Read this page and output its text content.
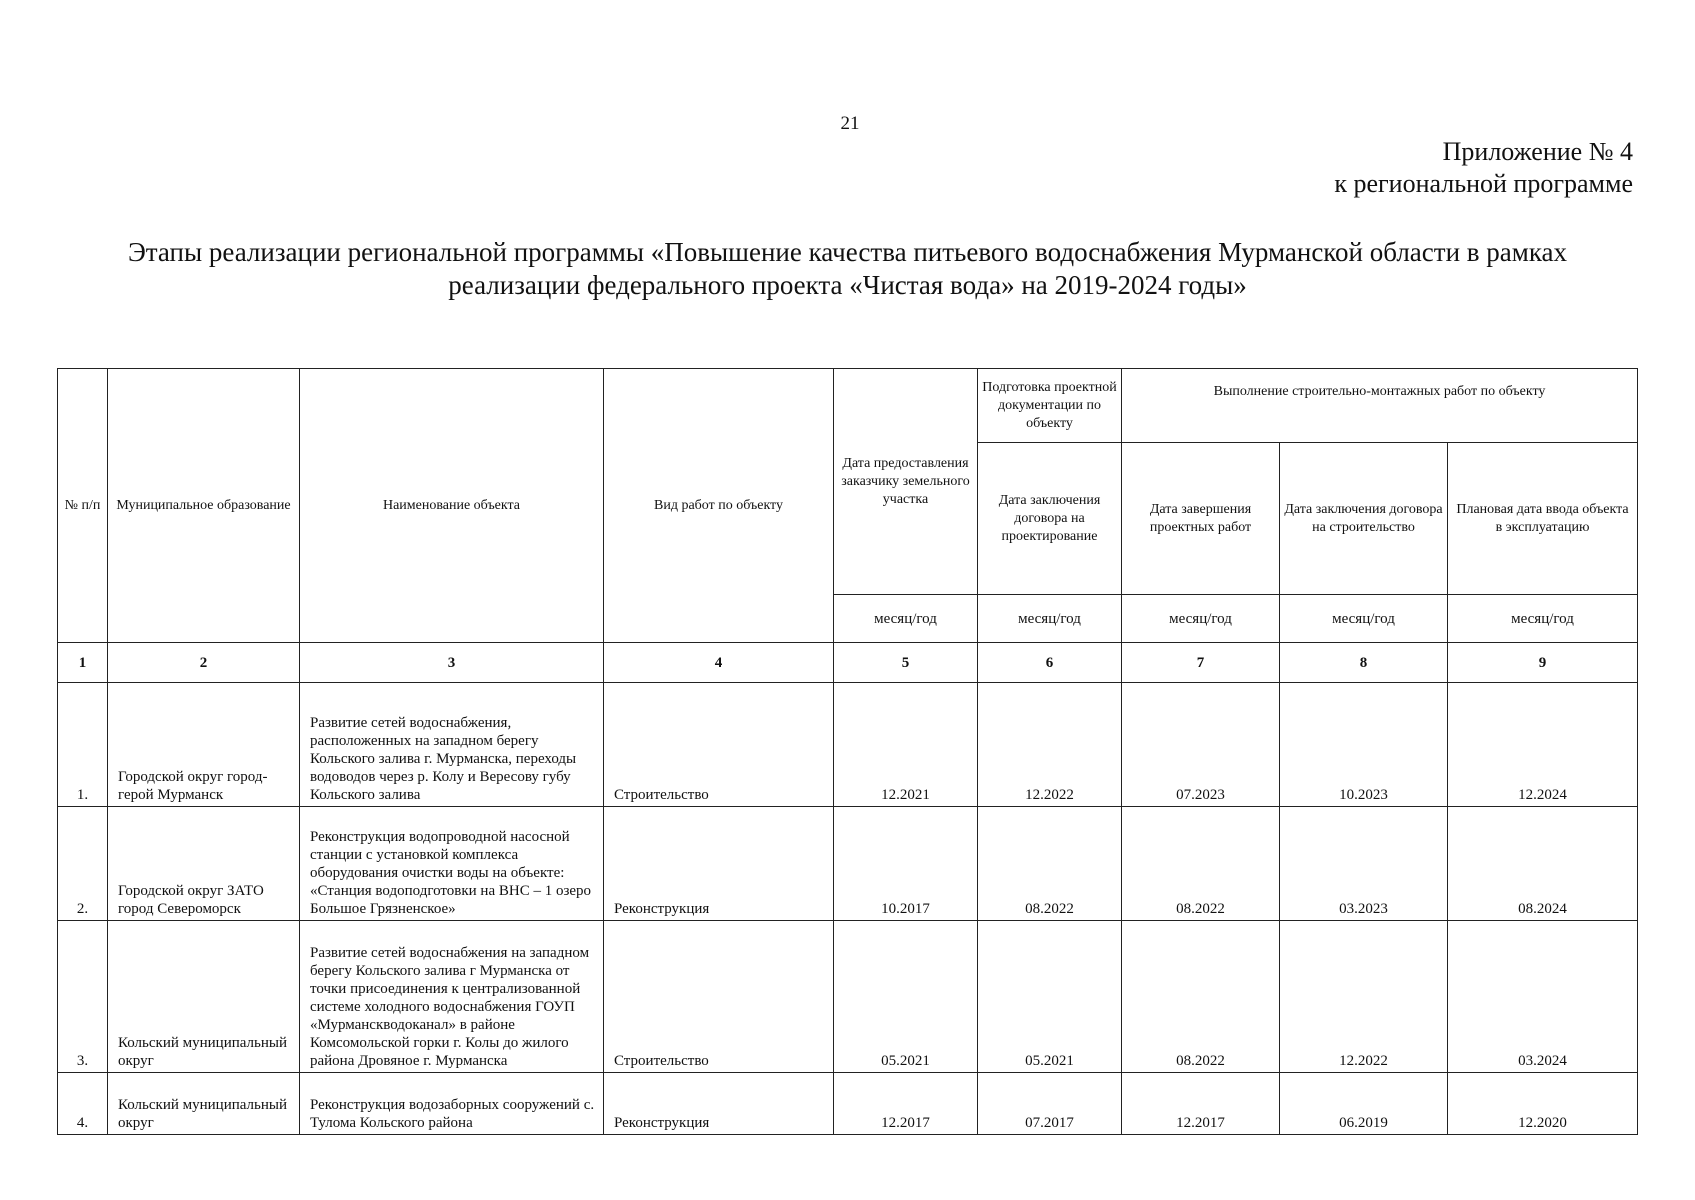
21
Приложение № 4
к региональной программе
Этапы реализации региональной программы «Повышение качества питьевого водоснабжения Мурманской области в рамках
реализации федерального проекта «Чистая вода» на 2019-2024 годы»
№ п/п	Муниципальное образование	Наименование объекта	Вид работ по объекту	Дата предоставления заказчику земельного участка	Подготовка проектной документации по объекту	Выполнение строительно-монтажных работ по объекту		
					Дата заключения договора на проектирование	Дата завершения проектных работ	Дата заключения договора на строительство	Плановая дата ввода объекта в эксплуатацию
				месяц/год	месяц/год	месяц/год	месяц/год	месяц/год
1	2	3	4	5	6	7	8	9
1.	Городской округ город-герой Мурманск	Развитие сетей водоснабжения, расположенных на западном берегу Кольского залива г. Мурманска, переходы водоводов через р. Колу и Вересову губу Кольского залива	Строительство	12.2021	12.2022	07.2023	10.2023	12.2024
2.	Городской округ ЗАТО город Североморск	Реконструкция водопроводной насосной станции с установкой комплекса оборудования очистки воды на объекте: «Станция водоподготовки на ВНС – 1 озеро Большое Грязненское»	Реконструкция	10.2017	08.2022	08.2022	03.2023	08.2024
3.	Кольский муниципальный округ	Развитие сетей водоснабжения на западном берегу Кольского залива г Мурманска от точки присоединения к централизованной системе холодного водоснабжения ГОУП «Мурманскводоканал» в районе Комсомольской горки г. Колы до жилого района Дровяное г. Мурманска	Строительство	05.2021	05.2021	08.2022	12.2022	03.2024
4.	Кольский муниципальный округ	Реконструкция водозаборных сооружений с. Тулома Кольского района	Реконструкция	12.2017	07.2017	12.2017	06.2019	12.2020
